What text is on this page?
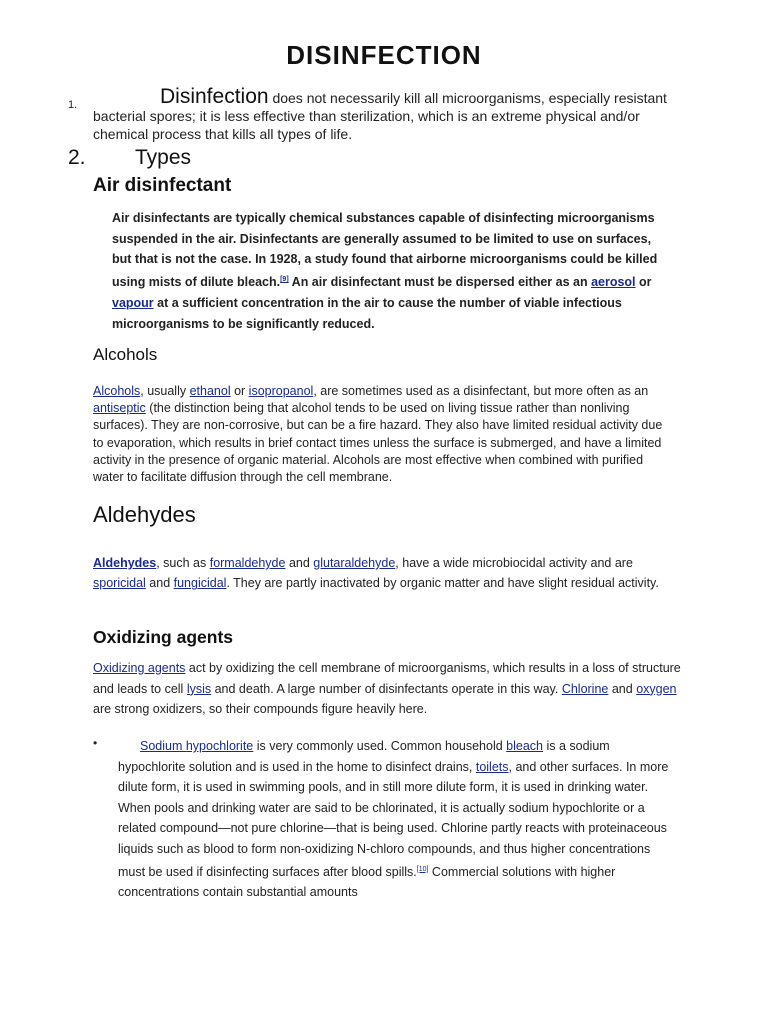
DISINFECTION
1.	Disinfection does not necessarily kill all microorganisms, especially resistant bacterial spores; it is less effective than sterilization, which is an extreme physical and/or chemical process that kills all types of life.
2. Types
Air disinfectant
Air disinfectants are typically chemical substances capable of disinfecting microorganisms suspended in the air. Disinfectants are generally assumed to be limited to use on surfaces, but that is not the case. In 1928, a study found that airborne microorganisms could be killed using mists of dilute bleach.[9] An air disinfectant must be dispersed either as an aerosol or vapour at a sufficient concentration in the air to cause the number of viable infectious microorganisms to be significantly reduced.
Alcohols
Alcohols, usually ethanol or isopropanol, are sometimes used as a disinfectant, but more often as an antiseptic (the distinction being that alcohol tends to be used on living tissue rather than nonliving surfaces). They are non-corrosive, but can be a fire hazard. They also have limited residual activity due to evaporation, which results in brief contact times unless the surface is submerged, and have a limited activity in the presence of organic material. Alcohols are most effective when combined with purified water to facilitate diffusion through the cell membrane.
Aldehydes
Aldehydes, such as formaldehyde and glutaraldehyde, have a wide microbiocidal activity and are sporicidal and fungicidal. They are partly inactivated by organic matter and have slight residual activity.
Oxidizing agents
Oxidizing agents act by oxidizing the cell membrane of microorganisms, which results in a loss of structure and leads to cell lysis and death. A large number of disinfectants operate in this way. Chlorine and oxygen are strong oxidizers, so their compounds figure heavily here.
•	Sodium hypochlorite is very commonly used. Common household bleach is a sodium hypochlorite solution and is used in the home to disinfect drains, toilets, and other surfaces. In more dilute form, it is used in swimming pools, and in still more dilute form, it is used in drinking water. When pools and drinking water are said to be chlorinated, it is actually sodium hypochlorite or a related compound—not pure chlorine—that is being used. Chlorine partly reacts with proteinaceous liquids such as blood to form non-oxidizing N-chloro compounds, and thus higher concentrations must be used if disinfecting surfaces after blood spills.[10] Commercial solutions with higher concentrations contain substantial amounts
